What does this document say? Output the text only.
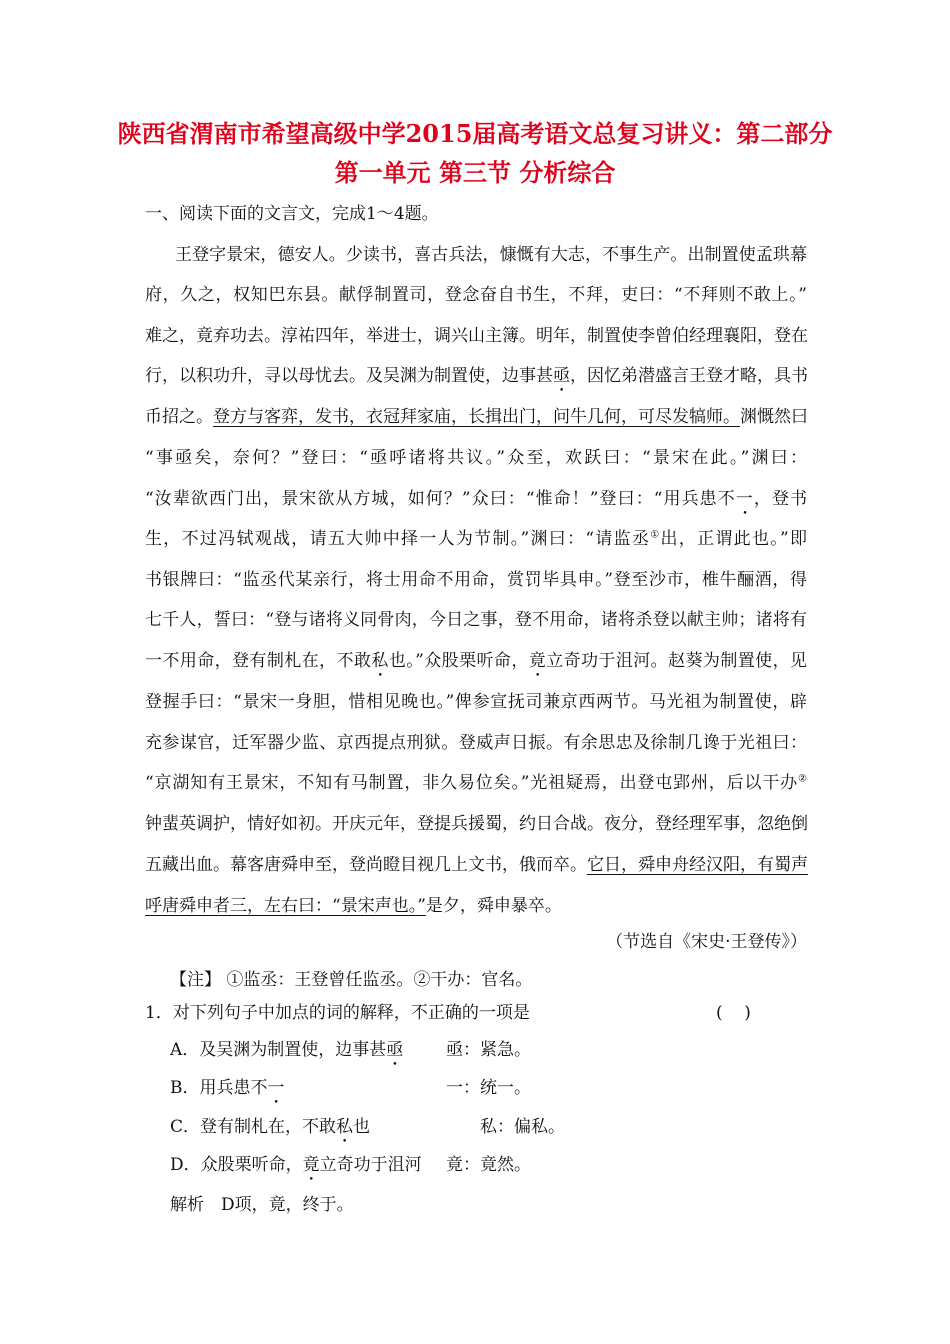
陕西省渭南市希望高级中学2015届高考语文总复习讲义：第二部分
第一单元 第三节 分析综合
一、阅读下面的文言文，完成1～4题。
王登字景宋，德安人。少读书，喜古兵法，慷慨有大志，不事生产。出制置使孟珙幕
府，久之，权知巴东县。献俘制置司，登念奋自书生，不拜，吏曰：“不拜则不敢上。”
难之，竟弃功去。淳祐四年，举进士，调兴山主簿。明年，制置使李曾伯经理襄阳，登在
行，以积功升，寻以母忧去。及吴渊为制置使，边事甚亟，因忆弟潜盛言王登才略，具书
币招之。登方与客弈，发书，衣冠拜家庙，长揖出门，问牛几何，可尽发犒师。渊慨然曰
“事亟矣，奈何？”登曰：“亟呼诸将共议。”众至，欢跃曰：“景宋在此。”渊曰：
“汝辈欲西门出，景宋欲从方城，如何？”众曰：“惟命！”登曰：“用兵患不一，登书
生，不过冯轼观战，请五大帅中择一人为节制。”渊曰：“请监丞①出，正谓此也。”即
书银牌曰：“监丞代某亲行，将士用命不用命，赏罚毕具申。”登至沙市，椎牛酾酒，得
七千人，誓曰：“登与诸将义同骨肉，今日之事，登不用命，诸将杀登以献主帅；诸将有
一不用命，登有制札在，不敢私也。”众股栗听命，竟立奇功于沮河。赵葵为制置使，见
登握手曰：“景宋一身胆，惜相见晚也。”俾参宣抚司兼京西两节。马光祖为制置使，辟
充参谋官，迁军器少监、京西提点刑狱。登威声日振。有余思忠及徐制几谗于光祖曰：
“京湖知有王景宋，不知有马制置，非久易位矣。”光祖疑焉，出登屯郢州，后以干办②
钟蜚英调护，情好如初。开庆元年，登提兵援蜀，约日合战。夜分，登经理军事，忽绝倒
五藏出血。幕客唐舜申至，登尚瞪目视几上文书，俄而卒。它日，舜申舟经汉阳，有蜀声
呼唐舜申者三，左右曰：“景宋声也。”是夕，舜申暴卒。
（节选自《宋史·王登传》）
【注】 ①监丞：王登曾任监丞。②干办：官名。
1．对下列句子中加点的词的解释，不正确的一项是	(    )
A．及吴渊为制置使，边事甚亟	亟：紧急。
B．用兵患不一	一：统一。
C．登有制札在，不敢私也	私：偏私。
D．众股栗听命，竟立奇功于沮河 竟：竟然。
解析　D项，竟，终于。
